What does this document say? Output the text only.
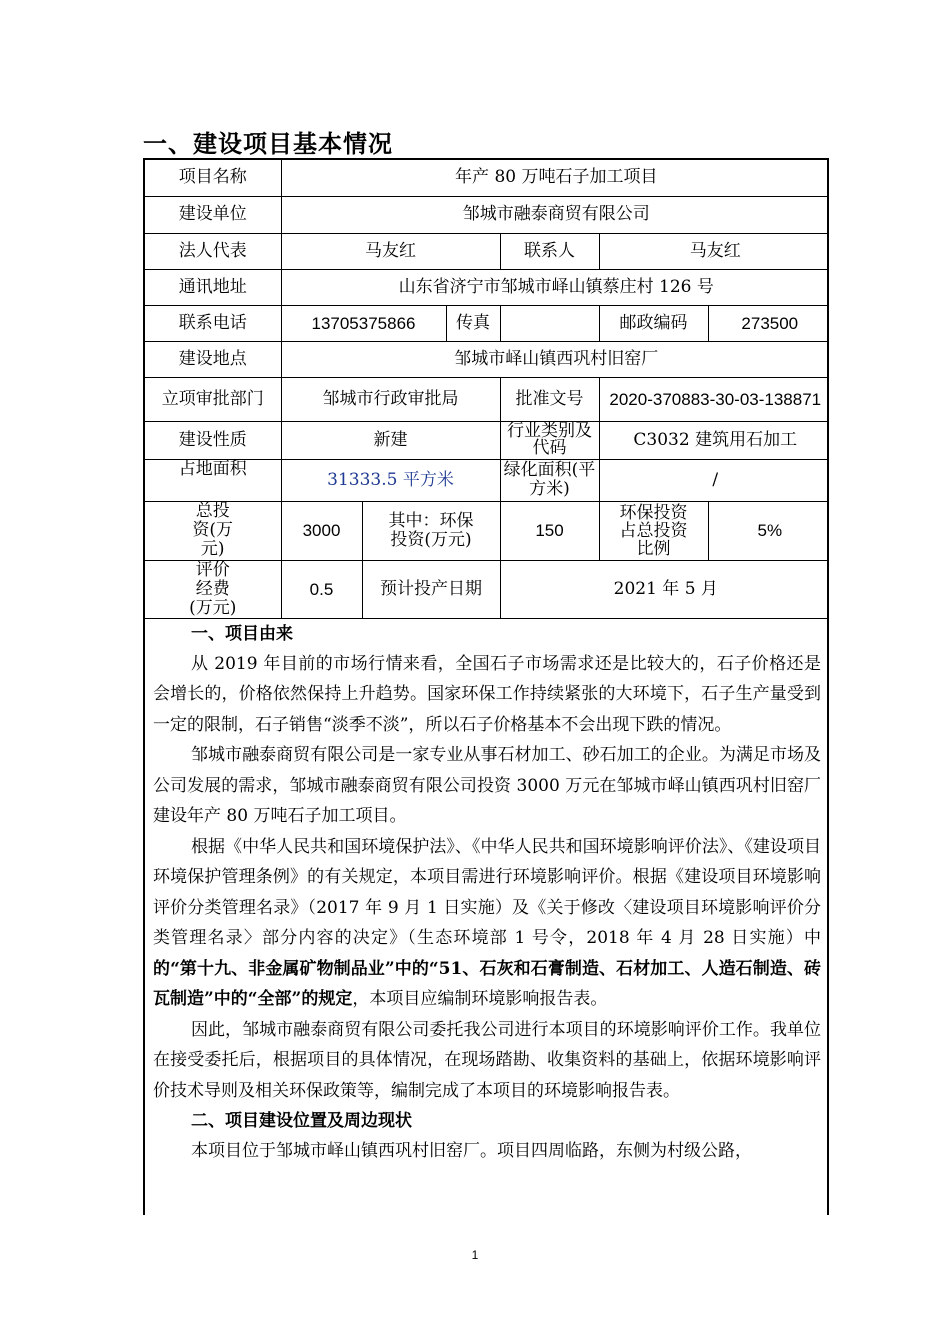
一、建设项目基本情况
项目名称	年产 80 万吨石子加工项目					
建设单位	邹城市融泰商贸有限公司					
法人代表	马友红			联系人	马友红	
通讯地址	山东省济宁市邹城市峄山镇蔡庄村 126 号					
联系电话	13705375866		传真		邮政编码	273500
建设地点	邹城市峄山镇西巩村旧窑厂					
立项审批部门	邹城市行政审批局			批准文号	2020-370883-30-03-138871	
建设性质	新建			行业类别及代码	C3032 建筑用石加工	
占地面积	31333.5 平方米			绿化面积(平方米)	/	
总投资(万元)	3000	其中：环保投资(万元)		150	环保投资占总投资比例	5%
评价经费(万元)	0.5	预计投产日期		2021 年 5 月		
一、项目由来

从 2019 年目前的市场行情来看，全国石子市场需求还是比较大的，石子价格还是会增长的，价格依然保持上升趋势。国家环保工作持续紧张的大环境下，石子生产量受到一定的限制，石子销售“淡季不淡”，所以石子价格基本不会出现下跌的情况。

邹城市融泰商贸有限公司是一家专业从事石材加工、砂石加工的企业。为满足市场及公司发展的需求，邹城市融泰商贸有限公司投资 3000 万元在邹城市峄山镇西巩村旧窑厂建设年产 80 万吨石子加工项目。

根据《中华人民共和国环境保护法》、《中华人民共和国环境影响评价法》、《建设项目环境保护管理条例》的有关规定，本项目需进行环境影响评价。根据《建设项目环境影响评价分类管理名录》（2017 年 9 月 1 日实施）及《关于修改〈建设项目环境影响评价分类管理名录〉部分内容的决定》（生态环境部 1 号令，2018 年 4 月 28 日实施）中的“第十九、非金属矿物制品业”中的“51、石灰和石膏制造、石材加工、人造石制造、砖瓦制造”中的“全部”的规定，本项目应编制环境影响报告表。

因此，邹城市融泰商贸有限公司委托我公司进行本项目的环境影响评价工作。我单位在接受委托后，根据项目的具体情况，在现场踏勘、收集资料的基础上，依据环境影响评价技术导则及相关环保政策等，编制完成了本项目的环境影响报告表。

二、项目建设位置及周边现状

本项目位于邹城市峄山镇西巩村旧窑厂。项目四周临路，东侧为村级公路，

1
